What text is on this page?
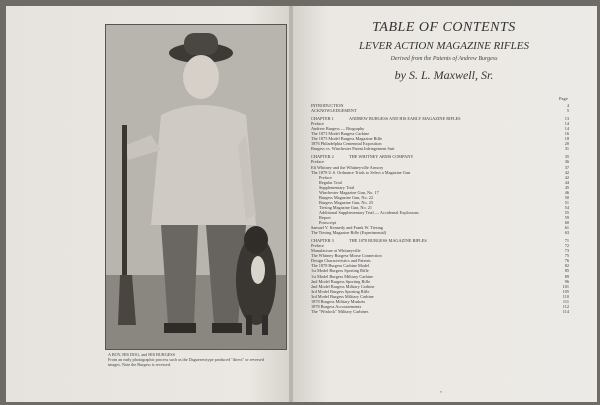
A BOY, HIS DOG, and HIS BURGESS
From an early photographic process such as the Daguerreotype produced "direct" or reversed
images. Note the Burgess is reversed.
TABLE OF CONTENTS
LEVER ACTION MAGAZINE RIFLES
Derived from the Patents of Andrew Burgess
by S. L. Maxwell, Sr.
Page
INTRODUCTION	4
ACKNOWLEDGEMENT	5
CHAPTER 1	ANDREW BURGESS AND HIS EARLY MAGAZINE RIFLES	13
Preface	14
Andrew Burgess — Biography	14
The 1873 Model Burgess Carbine	16
The 1875 Model Burgess Magazine Rifle	18
1876 Philadelphia Centennial Exposition	20
Burgess vs. Winchester Patent Infringement Suit	31
CHAPTER 2	THE WHITNEY ARMS COMPANY	35
Preface	36
Eli Whitney and the Whitneyville Armory	37
The 1878 U.S. Ordnance Trials to Select a Magazine Gun	42
Preface	42
Regular Trial	44
Supplementary Trial	45
Winchester Magazine Gun, No. 17	46
Burgess Magazine Gun, No. 22	50
Burgess Magazine Gun, No. 25	51
Tiesing Magazine Gun, No. 21	54
Additional Supplementary Trial — Accidental Explosions	55
Report	59
Postscript	60
Samuel V. Kennedy and Frank W. Tiesing	61
The Tiesing Magazine Rifle (Experimental)	63
CHAPTER 3	THE 1878 BURGESS MAGAZINE RIFLES	71
Preface	72
Manufacture at Whitneyville	73
The Whitney Burgess-Morse Connection	75
Design Characteristics and Patents	76
The 1878 Burgess Carbine Model	82
1st Model Burgess Sporting Rifle	85
1st Model Burgess Military Carbine	89
2nd Model Burgess Sporting Rifle	96
2nd Model Burgess Military Carbine	101
3rd Model Burgess Sporting Rifle	105
3rd Model Burgess Military Carbine	110
1878 Burgess Military Muskets	111
1878 Burgess Accoutrements	112
The "Winlock" Military Carbines	114
v
